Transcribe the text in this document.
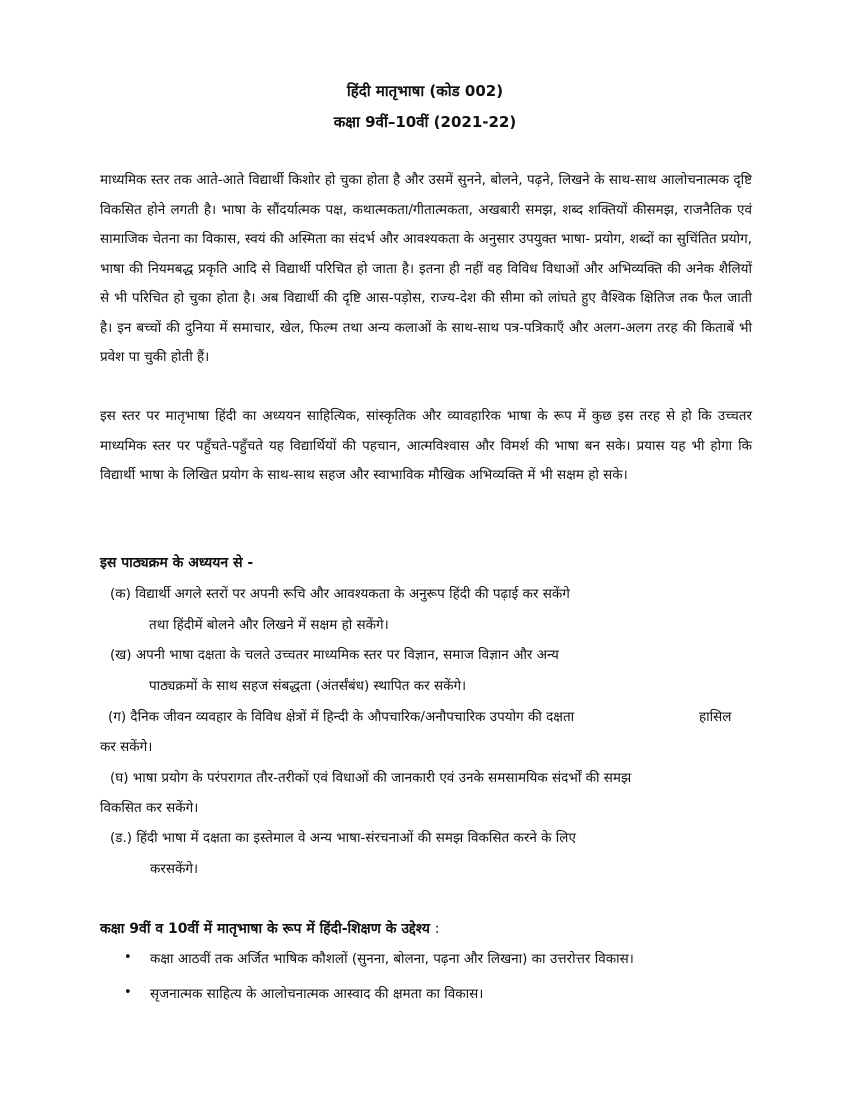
हिंदी मातृभाषा (कोड 002)
कक्षा 9वीं–10वीं (2021-22)
माध्यमिक स्तर तक आते-आते विद्यार्थी किशोर हो चुका होता है और उसमें सुनने, बोलने, पढ़ने, लिखने के साथ-साथ आलोचनात्मक दृष्टि विकसित होने लगती है। भाषा के सौंदर्यात्मक पक्ष, कथात्मकता/गीतात्मकता, अखबारी समझ, शब्द शक्तियों कीसमझ, राजनैतिक एवं सामाजिक चेतना का विकास, स्वयं की अस्मिता का संदर्भ और आवश्यकता के अनुसार उपयुक्त भाषा- प्रयोग, शब्दों का सुचिंतित प्रयोग, भाषा की नियमबद्ध प्रकृति आदि से विद्यार्थी परिचित हो जाता है। इतना ही नहीं वह विविध विधाओं और अभिव्यक्ति की अनेक शैलियों से भी परिचित हो चुका होता है। अब विद्यार्थी की दृष्टि आस-पड़ोस, राज्य-देश की सीमा को लांघते हुए वैश्विक क्षितिज तक फैल जाती है। इन बच्चों की दुनिया में समाचार, खेल, फिल्म तथा अन्य कलाओं के साथ-साथ पत्र-पत्रिकाएँ और अलग-अलग तरह की किताबें भी प्रवेश पा चुकी होती हैं।
इस स्तर पर मातृभाषा हिंदी का अध्ययन साहित्यिक, सांस्कृतिक और व्यावहारिक भाषा के रूप में कुछ इस तरह से हो कि उच्चतर माध्यमिक स्तर पर पहुँचते-पहुँचते यह विद्यार्थियों की पहचान, आत्मविश्वास और विमर्श की भाषा बन सके। प्रयास यह भी होगा कि विद्यार्थी भाषा के लिखित प्रयोग के साथ-साथ सहज और स्वाभाविक मौखिक अभिव्यक्ति में भी सक्षम हो सके।
इस पाठ्यक्रम के अध्ययन से -
(क) विद्यार्थी अगले स्तरों पर अपनी रूचि और आवश्यकता के अनुरूप हिंदी की पढ़ाई कर सकेंगे
तथा हिंदीमें बोलने और लिखने में सक्षम हो सकेंगे।
(ख) अपनी भाषा दक्षता के चलते उच्चतर माध्यमिक स्तर पर विज्ञान, समाज विज्ञान और अन्य
पाठ्यक्रमों के साथ सहज संबद्धता (अंतर्संबंध) स्थापित कर सकेंगे।
(ग) दैनिक जीवन व्यवहार के विविध क्षेत्रों में हिन्दी के औपचारिक/अनौपचारिक उपयोग की दक्षता	हासिल
कर सकेंगे।
(घ) भाषा प्रयोग के परंपरागत तौर-तरीकों एवं विधाओं की जानकारी एवं उनके समसामयिक संदर्भों की समझ
विकसित कर सकेंगे।
(ड.) हिंदी भाषा में दक्षता का इस्तेमाल वे अन्य भाषा-संरचनाओं की समझ विकसित करने के लिए
करसकेंगे।
कक्षा 9वीं व 10वीं में मातृभाषा के रूप में हिंदी-शिक्षण के उद्देश्य :
• कक्षा आठवीं तक अर्जित भाषिक कौशलों (सुनना, बोलना, पढ़ना और लिखना) का उत्तरोत्तर विकास।
• सृजनात्मक साहित्य के आलोचनात्मक आस्वाद की क्षमता का विकास।
